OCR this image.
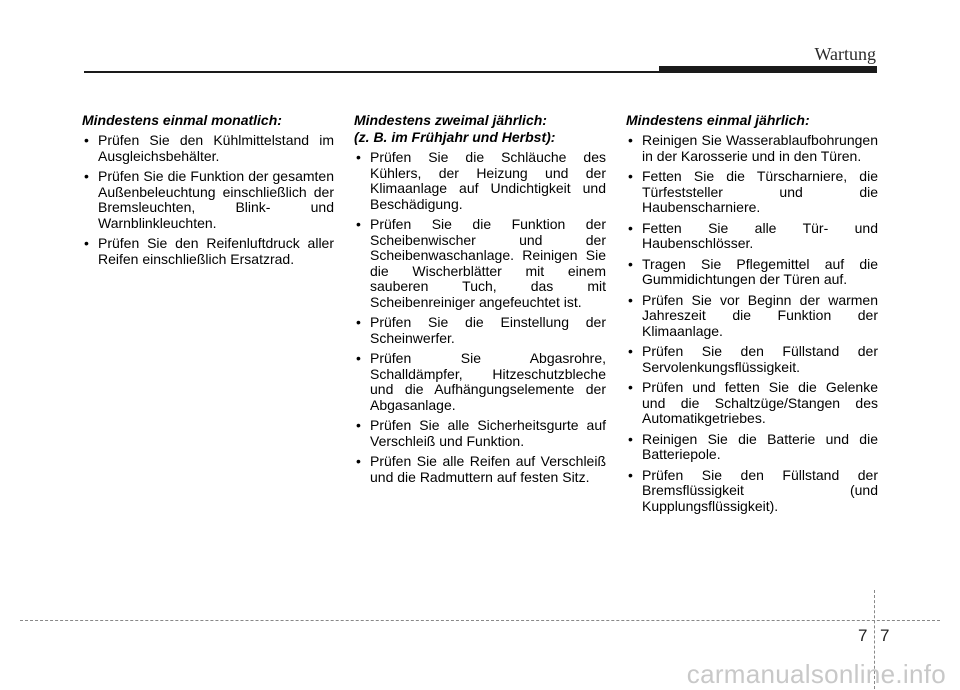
Wartung

Mindestens einmal monatlich:

• Prüfen Sie den Kühlmittelstand im Ausgleichsbehälter.
• Prüfen Sie die Funktion der gesamten Außenbeleuchtung einschließlich der Bremsleuchten, Blink- und Warnblinkleuchten.
• Prüfen Sie den Reifenluftdruck aller Reifen einschließlich Ersatzrad.

Mindestens zweimal jährlich:

(z. B. im Frühjahr und Herbst):

• Prüfen Sie die Schläuche des Kühlers, der Heizung und der Klimaanlage auf Undichtigkeit und Beschädigung.
• Prüfen Sie die Funktion der Scheibenwischer und der Scheibenwaschanlage. Reinigen Sie die Wischerblätter mit einem sauberen Tuch, das mit Scheibenreiniger angefeuchtet ist.
• Prüfen Sie die Einstellung der Scheinwerfer.
• Prüfen Sie Abgasrohre, Schalldämpfer, Hitzeschutzbleche und die Aufhängungselemente der Abgasanlage.
• Prüfen Sie alle Sicherheitsgurte auf Verschleiß und Funktion.
• Prüfen Sie alle Reifen auf Verschleiß und die Radmuttern auf festen Sitz.

Mindestens einmal jährlich:

• Reinigen Sie Wasserablaufbohrungen in der Karosserie und in den Türen.
• Fetten Sie die Türscharniere, die Türfeststeller und die Haubenscharniere.
• Fetten Sie alle Tür- und Haubenschlösser.
• Tragen Sie Pflegemittel auf die Gummidichtungen der Türen auf.
• Prüfen Sie vor Beginn der warmen Jahreszeit die Funktion der Klimaanlage.
• Prüfen Sie den Füllstand der Servolenkungsflüssigkeit.
• Prüfen und fetten Sie die Gelenke und die Schaltzüge/Stangen des Automatikgetriebes.
• Reinigen Sie die Batterie und die Batteriepole.
• Prüfen Sie den Füllstand der Bremsflüssigkeit (und Kupplungsflüssigkeit).
7 7
carmanualsonline.info
